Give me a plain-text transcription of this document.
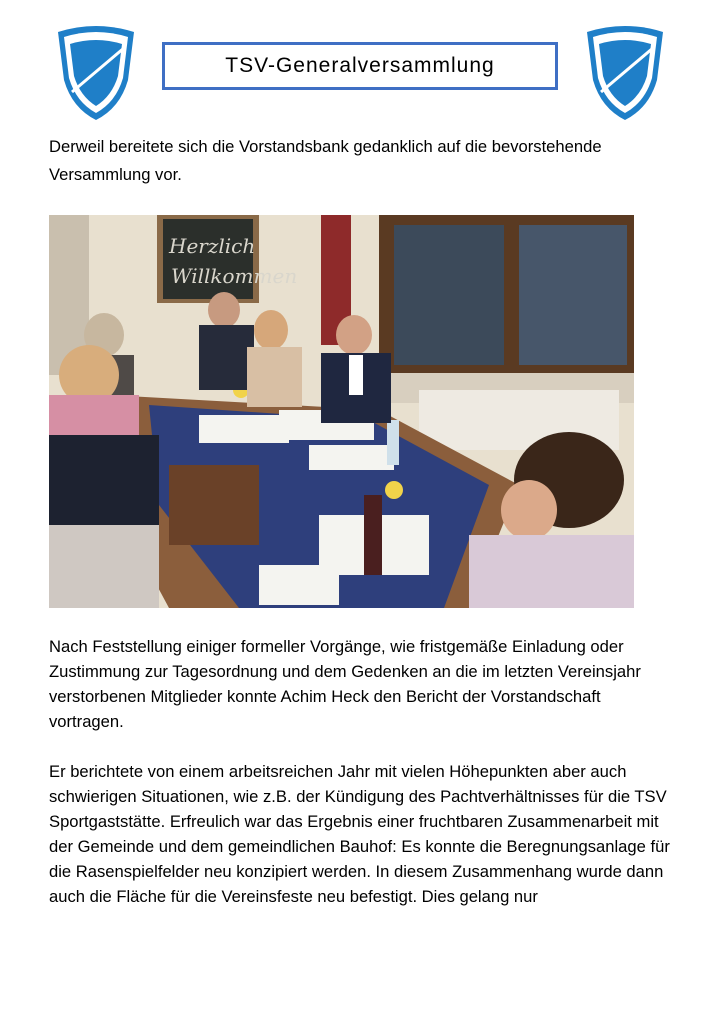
TSV-Generalversammlung
Derweil bereitete sich die Vorstandsbank gedanklich auf die bevorstehende Versammlung vor.
Herzlich
Willkommen
Nach Feststellung einiger formeller Vorgänge, wie fristgemäße Einladung oder Zustimmung zur Tagesordnung und dem Gedenken an die im letzten Vereinsjahr verstorbenen Mitglieder konnte Achim Heck den Bericht der Vorstandschaft vortragen.
Er berichtete von einem arbeitsreichen Jahr mit vielen Höhepunkten aber auch schwierigen Situationen, wie z.B. der Kündigung des Pachtverhältnisses für die TSV Sportgaststätte. Erfreulich war das Ergebnis einer fruchtbaren Zusammenarbeit mit der Gemeinde und dem gemeindlichen Bauhof: Es konnte die Beregnungsanlage für die Rasenspielfelder neu konzipiert werden. In diesem Zusammenhang wurde dann auch die Fläche für die Vereinsfeste neu befestigt. Dies gelang nur
